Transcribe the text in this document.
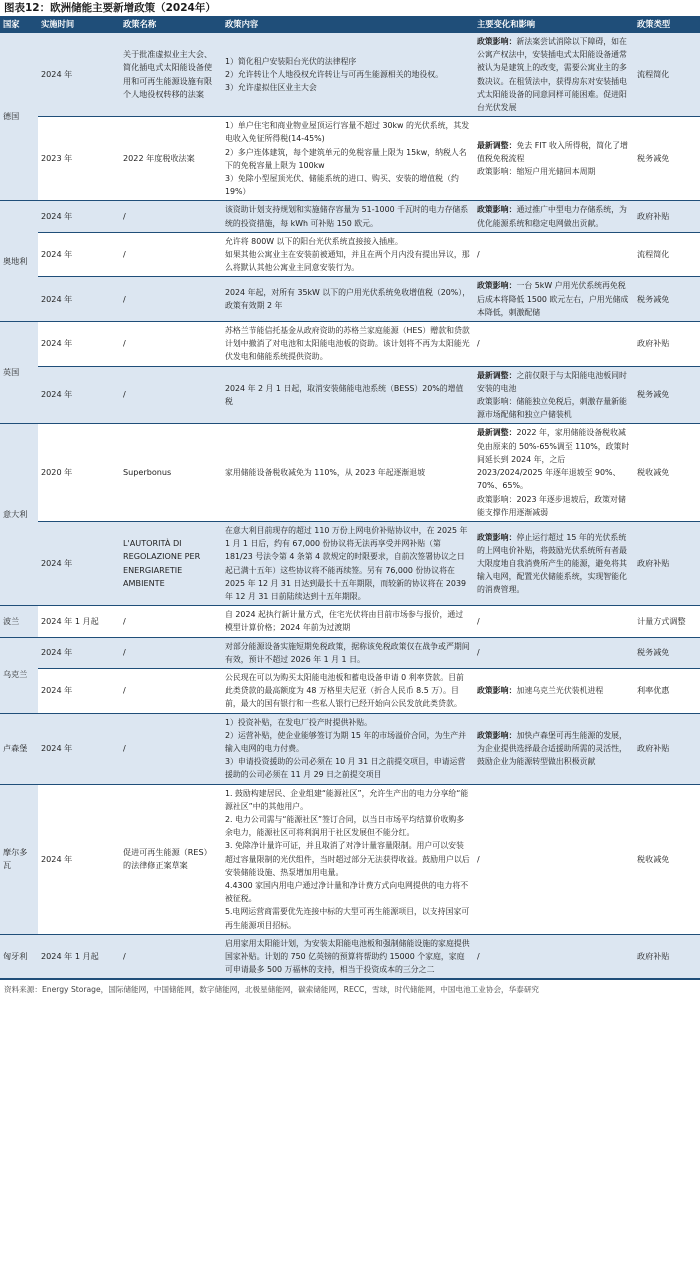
图表12：欧洲储能主要新增政策（2024年）
国家	实施时间	政策名称	政策内容	主要变化和影响	政策类型
德国	2024 年	关于批准虚拟业主大会、简化插电式太阳能设备使用和可再生能源设施有限个人地役权转移的法案	1）简化租户安装阳台光伏的法律程序
2）允许转让个人地役权允许转让与可再生能源相关的地役权。
3）允许虚拟住区业主大会	政策影响：新法案尝试消除以下障碍，如在公寓产权法中，安装插电式太阳能设备通常被认为是建筑上的改变，需要公寓业主的多数决议。在租赁法中，获得房东对安装插电式太阳能设备的同意同样可能困难。促进阳台光伏发展	流程简化
	2023 年	2022 年度税收法案	1）单户住宅和商业物业屋顶运行容量不超过 30kw 的光伏系统，其发电收入免征所得税(14-45%)
2）多户连体建筑，每个建筑单元的免税容量上限为 15kw，纳税人名下的免税容量上限为 100kw
3）免除小型屋顶光伏、储能系统的进口、购买、安装的增值税（约 19%）	最新调整：免去 FIT 收入所得税，简化了增值税免税流程
政策影响：缩短户用光储回本周期	税务减免
奥地利	2024 年	/	该资助计划支持规划和实施储存容量为 51-1000 千瓦时的电力存储系统的投资措施，每 kWh 可补贴 150 欧元。	政策影响：通过推广中型电力存储系统，为优化能源系统和稳定电网做出贡献。	政府补贴
	2024 年	/	允许将 800W 以下的阳台光伏系统直接接入插座。
如果其他公寓业主在安装前被通知，并且在两个月内没有提出异议，那么将默认其他公寓业主同意安装行为。	/	流程简化
	2024 年	/	2024 年起，对所有 35kW 以下的户用光伏系统免收增值税（20%），政策有效期 2 年	政策影响：一台 5kW 户用光伏系统再免税后成本将降低 1500 欧元左右，户用光储成本降低，刺激配储	税务减免
英国	2024 年	/	苏格兰节能信托基金从政府资助的苏格兰家庭能源（HES）赠款和贷款计划中撤消了对电池和太阳能电池板的资助。该计划将不再为太阳能光伏发电和储能系统提供资助。	/	政府补贴
	2024 年	/	2024 年 2 月 1 日起，取消安装储能电池系统（BESS）20%的增值税	最新调整：之前仅限于与太阳能电池板同时安装的电池
政策影响：储能独立免税后，刺激存量新能源市场配储和独立户储装机	税务减免
意大利	2020 年	Superbonus	家用储能设备税收减免为 110%，从 2023 年起逐渐退坡	最新调整：2022 年，家用储能设备税收减免由原来的 50%-65%调至 110%，政策时间延长到 2024 年，之后 2023/2024/2025 年逐年退坡至 90%、70%、65%。
政策影响：2023 年逐步退坡后，政策对储能支撑作用逐渐减弱	税收减免
	2024 年	L'AUTORITÀ DI REGOLAZIONE PER ENERGIARETIE AMBIENTE	在意大利目前现存的超过 110 万份上网电价补贴协议中，在 2025 年 1 月 1 日后，约有 67,000 份协议将无法再享受并网补贴（第 181/23 号法令第 4 条第 4 款规定的时限要求，自前次签署协议之日起已满十五年）这些协议将不能再续签。另有 76,000 份协议将在 2025 年 12 月 31 日达到最长十五年期限，而较新的协议将在 2039 年 12 月 31 日前陆续达到十五年期限。	政策影响：停止运行超过 15 年的光伏系统的上网电价补贴，将鼓励光伏系统所有者最大限度地自我消费所产生的能源，避免将其输入电网，配置光伏储能系统，实现智能化的消费管理。	政府补贴
波兰	2024 年 1 月起	/	自 2024 起执行新计量方式，住宅光伏将由目前市场参与报价，通过模型计算价格；2024 年前为过渡期	/	计量方式调整
乌克兰	2024 年	/	对部分能源设备实施短期免税政策，据称该免税政策仅在战争或严期间有效，预计不超过 2026 年 1 月 1 日。	/	税务减免
	2024 年	/	公民现在可以为购买太阳能电池板和蓄电设备申请 0 利率贷款。目前此类贷款的最高额度为 48 万格里夫尼亚（折合人民币 8.5 万）。目前，最大的国有银行和一些私人银行已经开始向公民发放此类贷款。	政策影响：加速乌克兰光伏装机进程	利率优惠
卢森堡	2024 年	/	1）投资补贴，在发电厂投产时提供补贴。
2）运营补贴，使企业能够签订为期 15 年的市场溢价合同，为生产并输入电网的电力付费。
3）申请投资援助的公司必须在 10 月 31 日之前提交项目，申请运营援助的公司必须在 11 月 29 日之前提交项目	政策影响：加快卢森堡可再生能源的发展，为企业提供选择最合适援助所需的灵活性，鼓励企业为能源转型做出积极贡献	政府补贴
摩尔多瓦	2024 年	促进可再生能源（RES）的法律修正案草案	1. 鼓励构建居民、企业组建“能源社区”，允许生产出的电力分享给“能源社区”中的其他用户。
2. 电力公司需与“能源社区”签订合同，以当日市场平均结算价收购多余电力，能源社区可将利润用于社区发展但不能分红。
3. 免除净计量许可证，并且取消了对净计量容量限制。用户可以安装超过容量限制的光伏组件，当时超过部分无法获得收益。鼓励用户以后安装储能设施、热泵增加用电量。
4.4300 家国内用电户通过净计量和净计费方式向电网提供的电力将不被征税。
5.电网运营商需要优先连接中标的大型可再生能源项目，以支持国家可再生能源项目招标。	/	税收减免
匈牙利	2024 年 1 月起	/	启用家用太阳能计划，为安装太阳能电池板和强制储能设施的家庭提供国家补贴。计划的 750 亿英镑的预算将帮助约 15000 个家庭，家庭可申请最多 500 万福林的支持，相当于投资成本的三分之二	/	政府补贴
资料来源：Energy Storage，国际储能网，中国储能网，数字储能网，北极星储能网，碳索储能网，RECC，雪球，时代储能网，中国电池工业协会，华泰研究
